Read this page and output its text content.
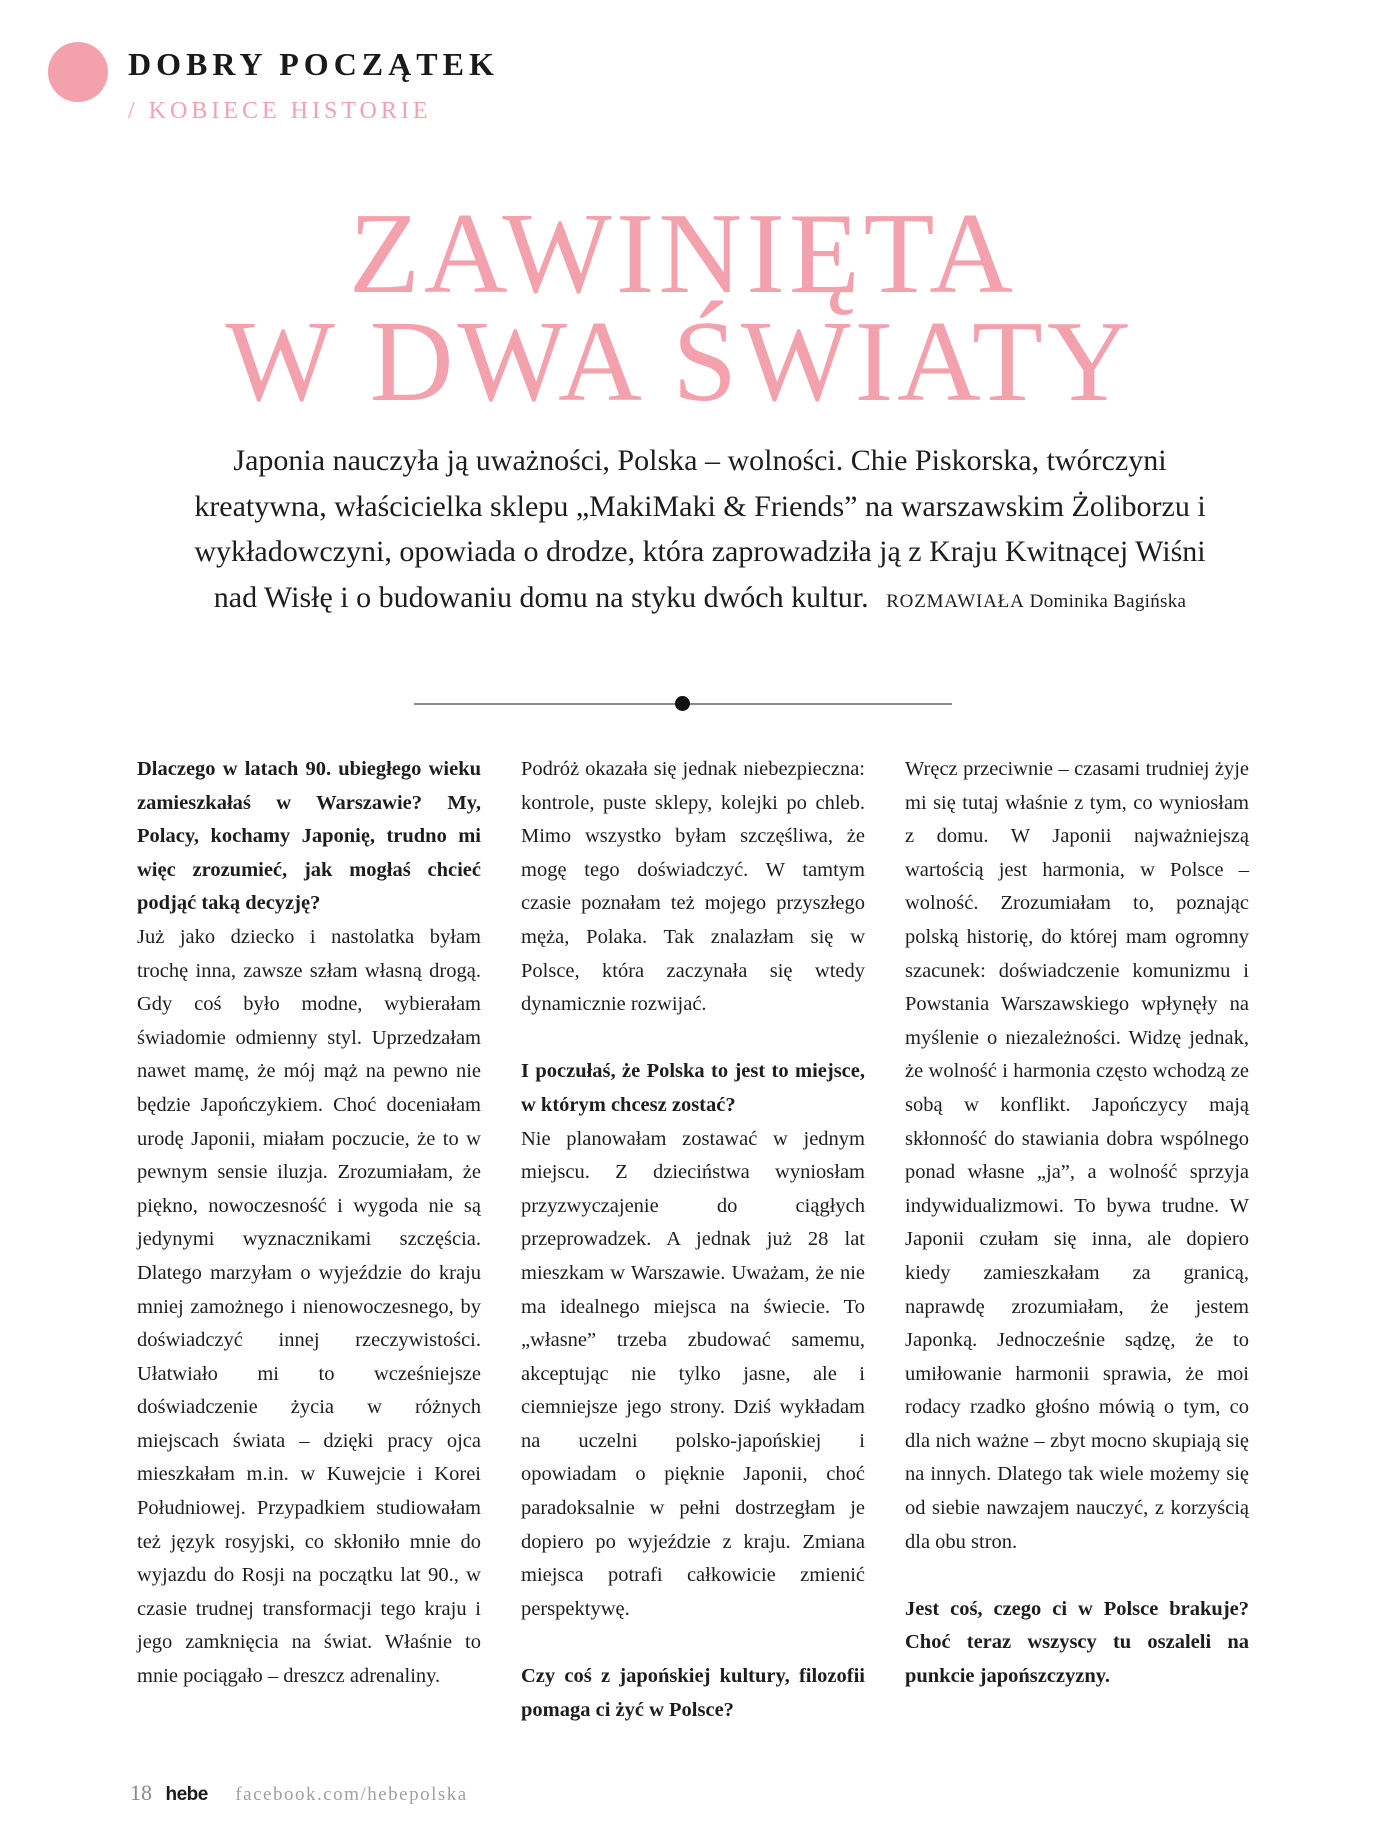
DOBRY POCZĄTEK
/ KOBIECE HISTORIE
ZAWINIĘTA
W DWA ŚWIATY
Japonia nauczyła ją uważności, Polska – wolności. Chie Piskorska, twórczyni kreatywna, właścicielka sklepu „MakiMaki & Friends” na warszawskim Żoliborzu i wykładowczyni, opowiada o drodze, która zaprowadziła ją z Kraju Kwitnącej Wiśni nad Wisłę i o budowaniu domu na styku dwóch kultur. ROZMAWIAŁA Dominika Bagińska

Dlaczego w latach 90. ubiegłego wieku zamieszkałaś w Warszawie? My, Polacy, kochamy Japonię, trudno mi więc zrozumieć, jak mogłaś chcieć podjąć taką decyzję?

Już jako dziecko i nastolatka byłam trochę inna, zawsze szłam własną drogą. Gdy coś było modne, wybierałam świadomie odmienny styl. Uprzedzałam nawet mamę, że mój mąż na pewno nie będzie Japończykiem. Choć doceniałam urodę Japonii, miałam poczucie, że to w pewnym sensie iluzja. Zrozumiałam, że piękno, nowoczesność i wygoda nie są jedynymi wyznacznikami szczęścia. Dlatego marzyłam o wyjeździe do kraju mniej zamożnego i nienowoczesnego, by doświadczyć innej rzeczywistości. Ułatwiało mi to wcześniejsze doświadczenie życia w różnych miejscach świata – dzięki pracy ojca mieszkałam m.in. w Kuwejcie i Korei Południowej. Przypadkiem studiowałam też język rosyjski, co skłoniło mnie do wyjazdu do Rosji na początku lat 90., w czasie trudnej transformacji tego kraju i jego zamknięcia na świat. Właśnie to mnie pociągało – dreszcz adrenaliny.

Podróż okazała się jednak niebezpieczna: kontrole, puste sklepy, kolejki po chleb. Mimo wszystko byłam szczęśliwa, że mogę tego doświadczyć. W tamtym czasie poznałam też mojego przyszłego męża, Polaka. Tak znalazłam się w Polsce, która zaczynała się wtedy dynamicznie rozwijać.

I poczułaś, że Polska to jest to miejsce, w którym chcesz zostać?

Nie planowałam zostawać w jednym miejscu. Z dzieciństwa wyniosłam przyzwyczajenie do ciągłych przeprowadzek. A jednak już 28 lat mieszkam w Warszawie. Uważam, że nie ma idealnego miejsca na świecie. To „własne” trzeba zbudować samemu, akceptując nie tylko jasne, ale i ciemniejsze jego strony. Dziś wykładam na uczelni polsko-japońskiej i opowiadam o pięknie Japonii, choć paradoksalnie w pełni dostrzegłam je dopiero po wyjeździe z kraju. Zmiana miejsca potrafi całkowicie zmienić perspektywę.

Czy coś z japońskiej kultury, filozofii pomaga ci żyć w Polsce?

Wręcz przeciwnie – czasami trudniej żyje mi się tutaj właśnie z tym, co wyniosłam z domu. W Japonii najważniejszą wartością jest harmonia, w Polsce – wolność. Zrozumiałam to, poznając polską historię, do której mam ogromny szacunek: doświadczenie komunizmu i Powstania Warszawskiego wpłynęły na myślenie o niezależności. Widzę jednak, że wolność i harmonia często wchodzą ze sobą w konflikt. Japończycy mają skłonność do stawiania dobra wspólnego ponad własne „ja”, a wolność sprzyja indywidualizmowi. To bywa trudne. W Japonii czułam się inna, ale dopiero kiedy zamieszkałam za granicą, naprawdę zrozumiałam, że jestem Japonką. Jednocześnie sądzę, że to umiłowanie harmonii sprawia, że moi rodacy rzadko głośno mówią o tym, co dla nich ważne – zbyt mocno skupiają się na innych. Dlatego tak wiele możemy się od siebie nawzajem nauczyć, z korzyścią dla obu stron.

Jest coś, czego ci w Polsce brakuje? Choć teraz wszyscy tu oszaleli na punkcie japońszczyzny.

18 hebe facebook.com/hebepolska
